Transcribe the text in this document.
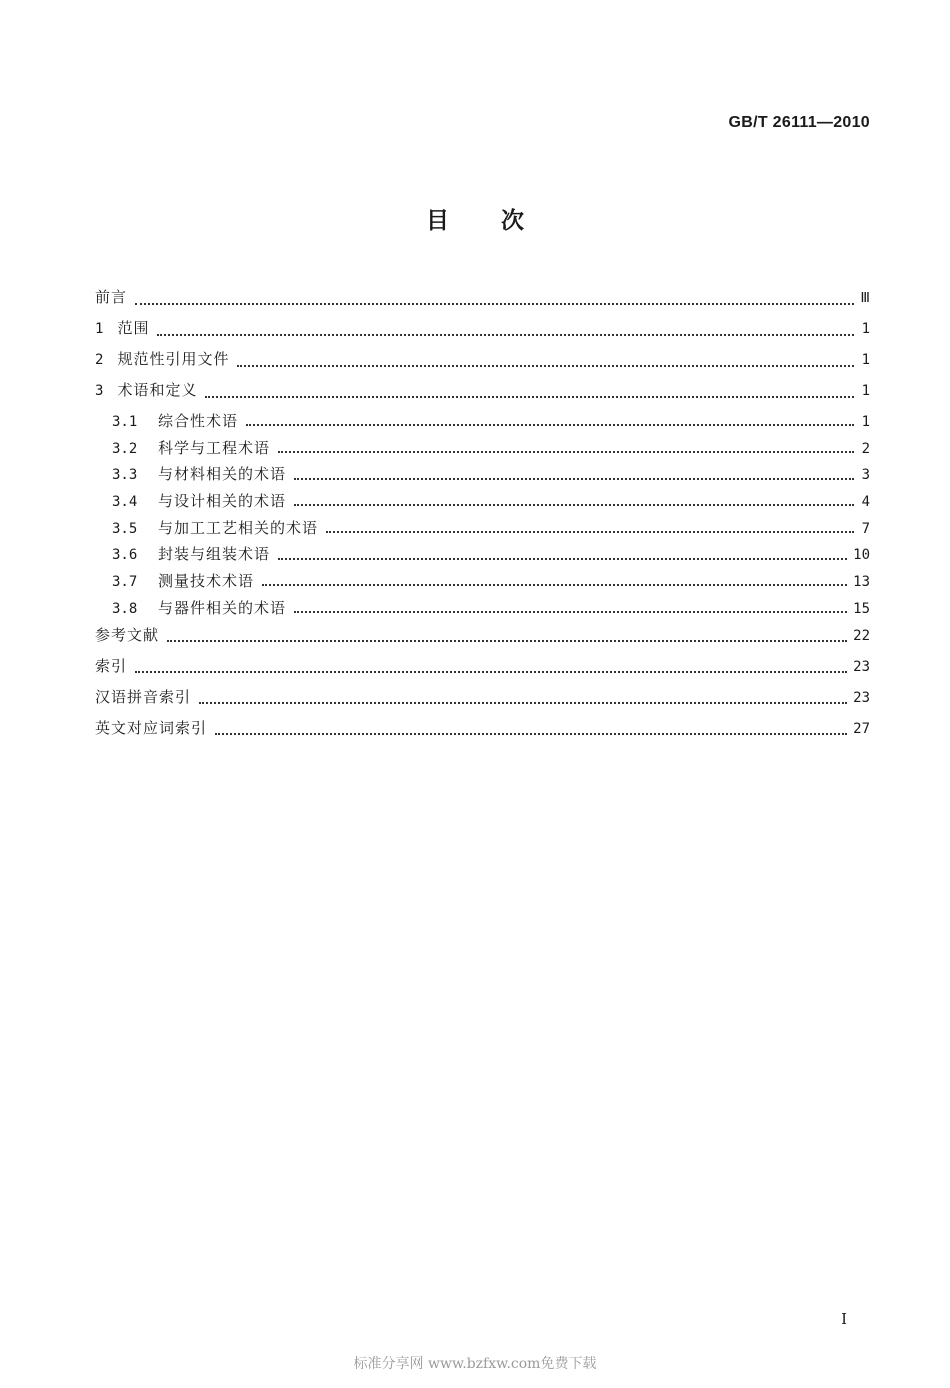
GB/T 26111—2010
目 次
前言	Ⅲ
1 范围	1
2 规范性引用文件	1
3 术语和定义	1
3.1 综合性术语	1
3.2 科学与工程术语	2
3.3 与材料相关的术语	3
3.4 与设计相关的术语	4
3.5 与加工工艺相关的术语	7
3.6 封装与组装术语	10
3.7 测量技术术语	13
3.8 与器件相关的术语	15
参考文献	22
索引	23
汉语拼音索引	23
英文对应词索引	27
I
标准分享网 www.bzfxw.com免费下载
